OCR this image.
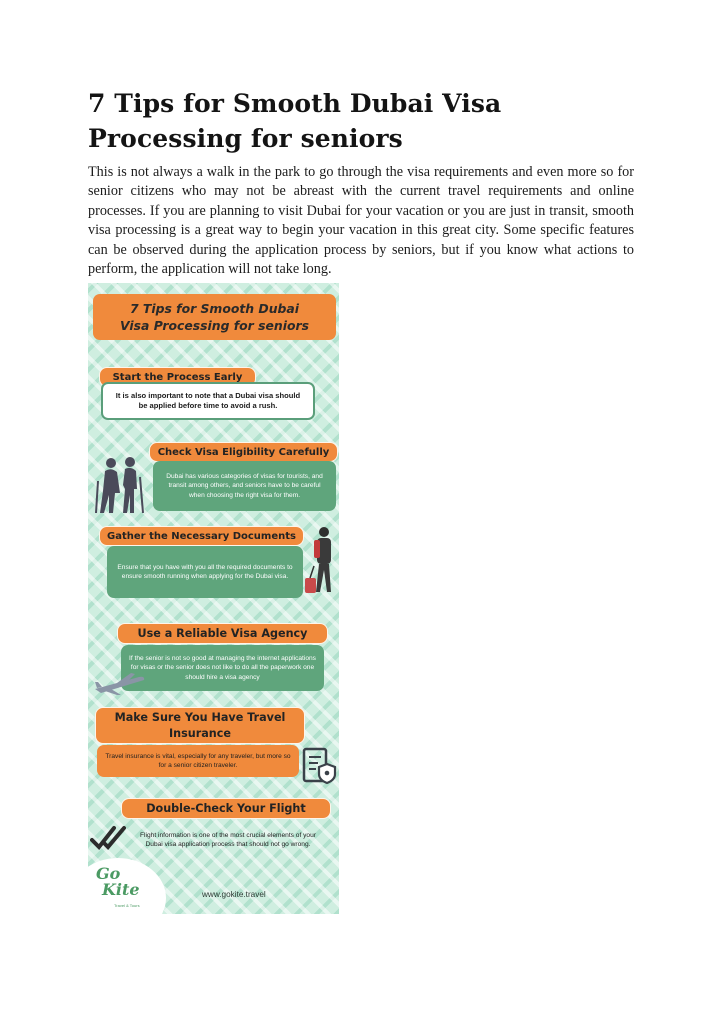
7 Tips for Smooth Dubai Visa Processing for seniors

This is not always a walk in the park to go through the visa requirements and even more so for senior citizens who may not be abreast with the current travel requirements and online processes. If you are planning to visit Dubai for your vacation or you are just in transit, smooth visa processing is a great way to begin your vacation in this great city. Some specific features can be observed during the application process by seniors, but if you know what actions to perform, the application will not take long.

7 Tips for Smooth Dubai Visa Processing for seniors
Start the Process Early
It is also important to note that a Dubai visa should be applied before time to avoid a rush.
Check Visa Eligibility Carefully
Dubai has various categories of visas for tourists, and transit among others, and seniors have to be careful when choosing the right visa for them.
Gather the Necessary Documents
Ensure that you have with you all the required documents to ensure smooth running when applying for the Dubai visa.
Use a Reliable Visa Agency
If the senior is not so good at managing the internet applications for visas or the senior does not like to do all the paperwork one should hire a visa agency
Make Sure You Have Travel Insurance
Travel insurance is vital, especially for any traveler, but more so for a senior citizen traveler.
Double-Check Your Flight
Flight information is one of the most crucial elements of your Dubai visa application process that should not go wrong.
Go
Kite
Travel & Tours
www.gokite.travel
